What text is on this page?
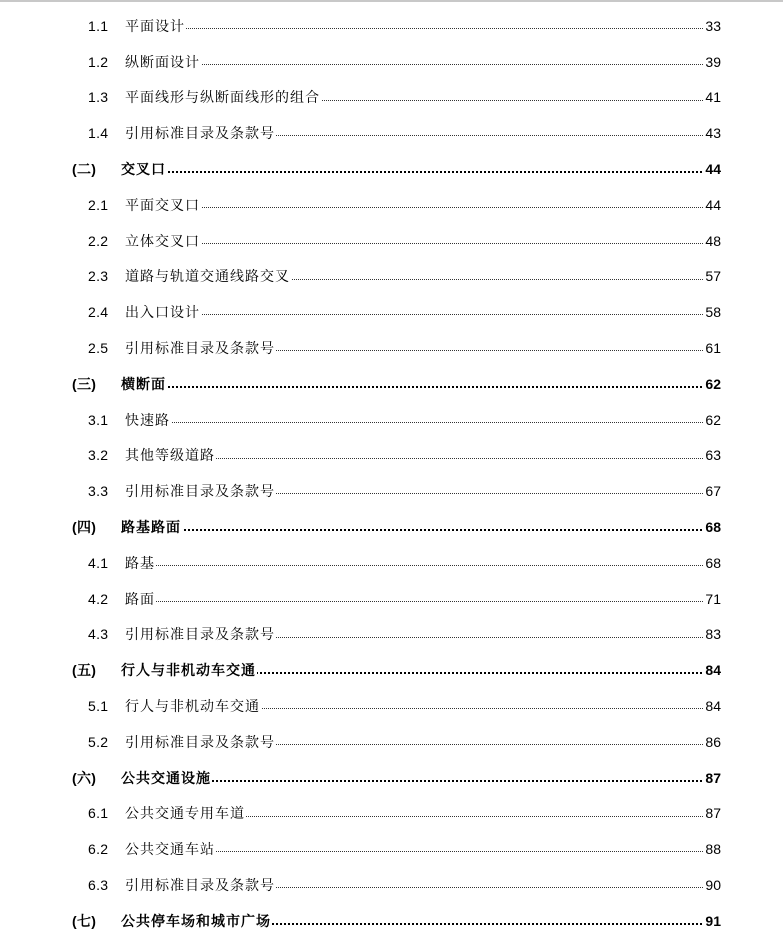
1.1 平面设计	33
1.2 纵断面设计	39
1.3 平面线形与纵断面线形的组合	41
1.4 引用标准目录及条款号	43
(二) 交叉口	44
2.1 平面交叉口	44
2.2 立体交叉口	48
2.3 道路与轨道交通线路交叉	57
2.4 出入口设计	58
2.5 引用标准目录及条款号	61
(三) 横断面	62
3.1 快速路	62
3.2 其他等级道路	63
3.3 引用标准目录及条款号	67
(四) 路基路面	68
4.1 路基	68
4.2 路面	71
4.3 引用标准目录及条款号	83
(五) 行人与非机动车交通	84
5.1 行人与非机动车交通	84
5.2 引用标准目录及条款号	86
(六) 公共交通设施	87
6.1 公共交通专用车道	87
6.2 公共交通车站	88
6.3 引用标准目录及条款号	90
(七) 公共停车场和城市广场	91
